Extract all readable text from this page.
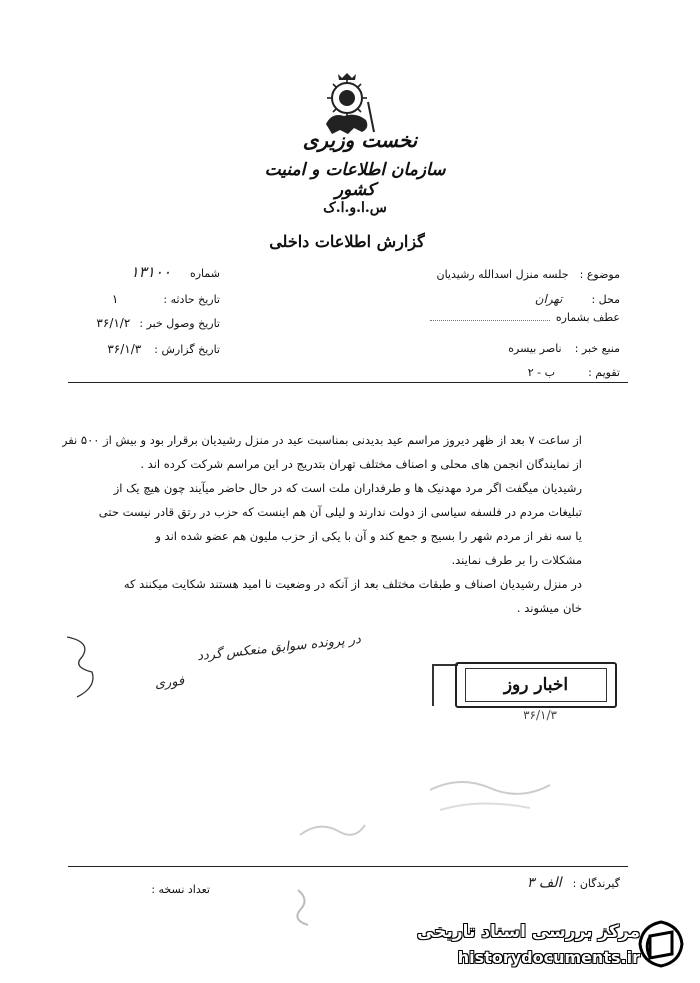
نخست وزیری
سازمان اطلاعات و امنیت کشور
س.ا.و.ا.ک
گزارش اطلاعات داخلی
شماره ۱۳۱۰۰
تاریخ حادثه : ۱
تاریخ وصول خبر : ۳۶/۱/۲
تاریخ گزارش : ۳۶/۱/۳
موضوع : جلسه منزل اسدالله رشیدیان
محل : تهران
عطف بشماره
منبع خبر : ناصر بیسره
تقویم : ب - ۲
از ساعت ۷ بعد از ظهر دیروز مراسم عید بدیدنی بمناسبت عید در منزل رشیدیان برقرار بود و بیش از ۵۰۰ نفر
از نمایندگان انجمن های محلی و اصناف مختلف تهران بتدریج در این مراسم شرکت کرده اند .
رشیدیان میگفت اگر مرد مهدنیک ها و طرفداران ملت است که در حال حاضر میآیند چون هیچ یک از
تبلیغات مردم در فلسفه سیاسی از دولت ندارند و لیلی آن هم اینست که حزب در رتق قادر نیست حتی
یا سه نفر از مردم شهر را بسیج و جمع کند و آن با یکی از حزب ملیون هم عضو شده اند و
مشکلات را بر طرف نمایند.
در منزل رشیدیان اصناف و طبقات مختلف بعد از آنکه در وضعیت نا امید هستند شکایت میکنند که
خان میشوند .
در پرونده سوابق منعکس گردد
فوری	اخبار روز
۳۶/۱/۳
گیرندگان : الف ۳
تعداد نسخه :
مرکز بررسی اسناد تاریخی
historydocuments.ir
